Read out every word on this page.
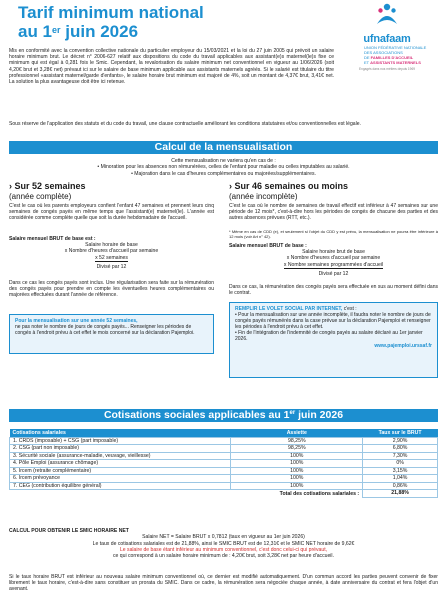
Tarif minimum national
au 1er juin 2026	ufnafaam
UNION FÉDÉRATIVE NATIONALE
DES ASSOCIATIONS
DE FAMILLES D'ACCUEIL
ET ASSISTANTS MATERNELS
Engagés dans nos métiers depuis 1969
Mis en conformité avec la convention collective nationale du particulier employeur du 15/03/2021 et la loi du 27 juin 2005 qui prévoit un salaire horaire minimum brut. Le décret n° 2006-627 relatif aux dispositions du code du travail applicables aux assistant(e)s maternel(le)s fixe ce minimum qui est égal à 0,281 fois le Smic. Cependant, la revalorisation du salaire minimum net conventionnel en vigueur au 1/06/2026 (soit 4,20€ brut et 3,28€ net) prévaut ici sur le salaire de base minimum applicable aux assistants maternels agréés. Si le salarié est titulaire du titre professionnel «assistant maternel/garde d'enfants», le salaire horaire brut minimum est majoré de 4%, soit un montant de 4,37€ brut, 3,41€ net. La solution la plus avantageuse doit être ici retenue.
Sous réserve de l'application des statuts et du code du travail, une clause contractuelle améliorant les conditions statutaires et/ou conventionnelles est légale.
Calcul de la mensualisation
Cette mensualisation ne variera qu'en cas de :
• Minoration pour les absences non rémunérées, celles de l'enfant pour maladie ou celles imputables au salarié.
• Majoration dans le cas d'heures complémentaires ou majorées/supplémentaires.
› Sur 52 semaines
(année complète)
C'est le cas où les parents employeurs confient l'enfant 47 semaines et prennent leurs cinq semaines de congés payés en même temps que l'assistant(e) maternel(le). L'année est considérée comme complète quelle que soit la durée hebdomadaire de l'accueil.
Salaire mensuel BRUT de base est :
Salaire horaire de base
x Nombre d'heures d'accueil par semaine
x 52 semaines
Divisé par 12
Dans ce cas les congés payés sont inclus. Une régularisation sera faite sur la rémunération des congés payés pour prendre en compte les éventuelles heures complémentaires ou majorées effectuées durant l'année de référence.
Pour la mensualisation sur une année 52 semaines,
ne pas noter le nombre de jours de congés payés... Renseigner les périodes de congés à l'endroit prévu à cet effet le mois concerné sur la déclaration Pajemploi.
› Sur 46 semaines ou moins
(année incomplète)
C'est le cas où le nombre de semaines de travail effectif est inférieur à 47 semaines sur une période de 12 mois*, c'est-à-dire hors les périodes de congés de chacune des parties et des autres absences prévues (RTT, etc.).
* Même en cas de CDD (e), et seulement si l'objet du CDD y est prévu, la mensualisation ne pourra être inférieure à 12 mois (voir Art n° 42).
Salaire mensuel BRUT de base :
Salaire horaire brut de base
x Nombre d'heures d'accueil par semaine
x Nombre semaines programmées d'accueil
Divisé par 12
Dans ce cas, la rémunération des congés payés sera effectuée en sus au moment défini dans le contrat.
REMPLIR LE VOLET SOCIAL PAR INTERNET, c'est :
• Pour la mensualisation sur une année incomplète, il faudra noter le nombre de jours de congés payés rémunérés dans la case prévue sur la déclaration Pajemploi et renseigner les périodes à l'endroit prévu à cet effet.
• Fin de l'intégration de l'indemnité de congés payés au salaire déclaré au 1er janvier 2026.
www.pajemploi.urssaf.fr
Cotisations sociales applicables au 1er juin 2026
Cotisations salariales	Assiette	Taux sur le BRUT
1. CRDS (imposable) + CSG (part imposable)	98,25%	2,90%
2. CSG (part non imposable)	98,25%	6,80%
3. Sécurité sociale (assurance-maladie, veuvage, vieillesse)	100%	7,30%
4. Pôle Emploi (assurance chômage)	100%	0%
5. Ircem (retraite complémentaire)	100%	3,15%
6. Ircem prévoyance	100%	1,04%
7. CEG (contribution équilibre général)	100%	0,86%
	Total des cotisations salariales :	21,88%
CALCUL POUR OBTENIR LE SMIC HORAIRE NET
Salaire NET = Salaire BRUT x 0,7812 (taux en vigueur au 1er juin 2026)
Le taux de cotisations salariales est de 21,88%, ainsi le SMIC BRUT est de 12,31€ et le SMIC NET horaire de 9,62€
Le salaire de base étant inférieur au minimum conventionnel, c'est donc celui-ci qui prévaut,
ce qui correspond à un salaire horaire minimum de : 4,20€ brut, soit 3,28€ net par heure d'accueil.
Si le taux horaire BRUT est inférieur au nouveau salaire minimum conventionnel où, ce dernier est modifié automatiquement. D'un commun accord les parties peuvent convenir de fixer librement le taux horaire, c'est-à-dire sans constituer un prorata du SMIC. Dans ce cadre, la rémunération sera négociée chaque année, à date anniversaire du contrat et fera l'objet d'un avenant.
